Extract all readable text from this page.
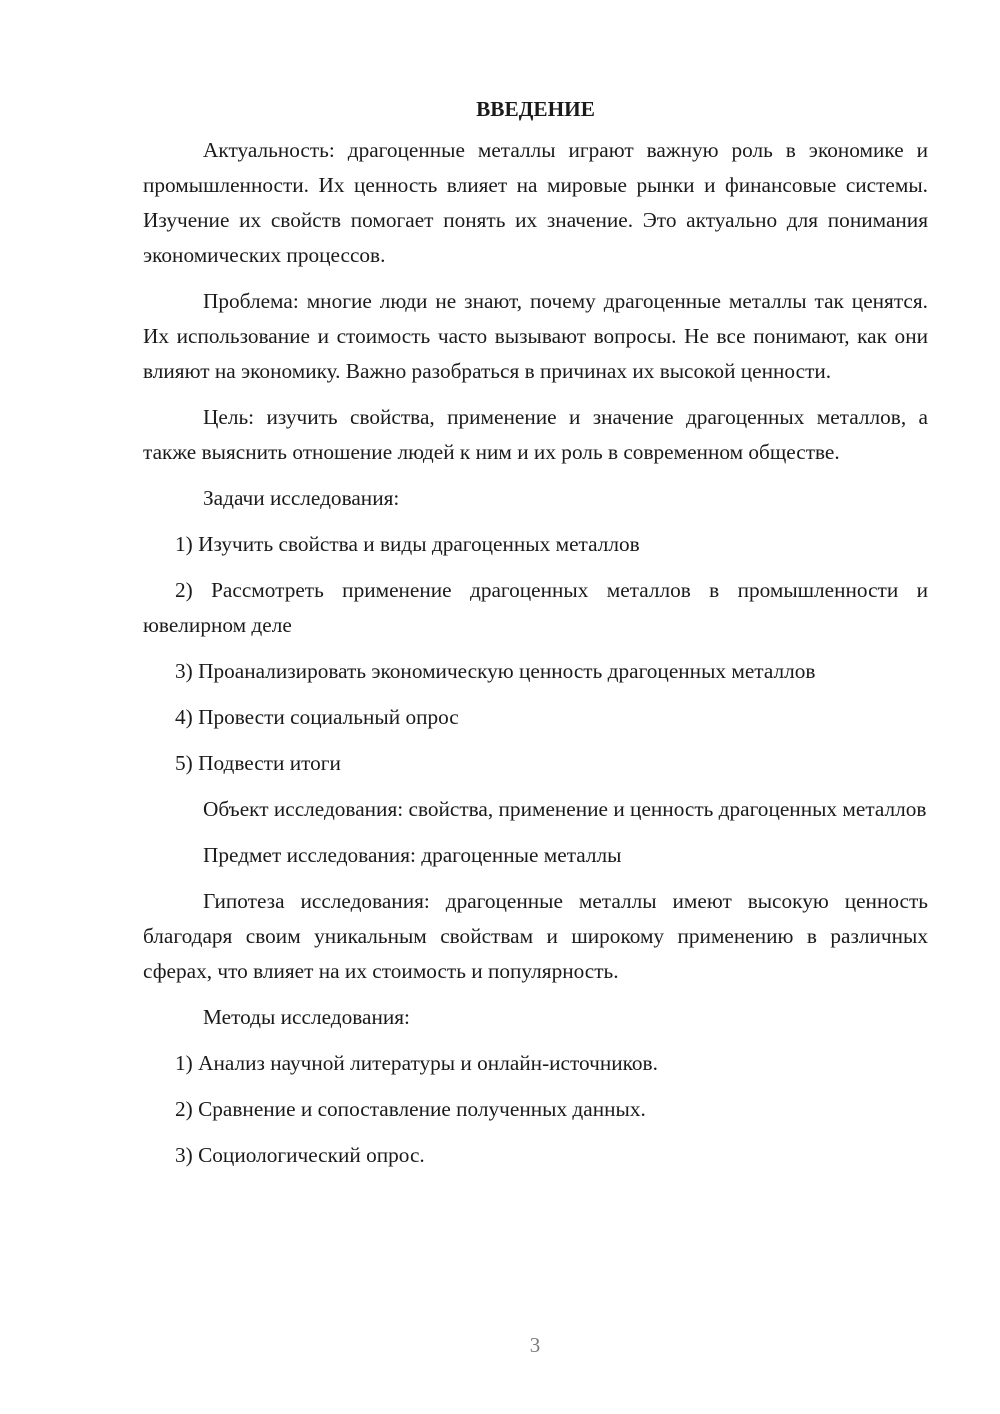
ВВЕДЕНИЕ

Актуальность: драгоценные металлы играют важную роль в экономике и промышленности. Их ценность влияет на мировые рынки и финансовые системы. Изучение их свойств помогает понять их значение. Это актуально для понимания экономических процессов.

Проблема: многие люди не знают, почему драгоценные металлы так ценятся. Их использование и стоимость часто вызывают вопросы. Не все понимают, как они влияют на экономику. Важно разобраться в причинах их высокой ценности.

Цель: изучить свойства, применение и значение драгоценных металлов, а также выяснить отношение людей к ним и их роль в современном обществе.

Задачи исследования:

1) Изучить свойства и виды драгоценных металлов

2) Рассмотреть применение драгоценных металлов в промышленности и ювелирном деле

3) Проанализировать экономическую ценность драгоценных металлов

4) Провести социальный опрос

5) Подвести итоги

Объект исследования: свойства, применение и ценность драгоценных металлов

Предмет исследования: драгоценные металлы

Гипотеза исследования: драгоценные металлы имеют высокую ценность благодаря своим уникальным свойствам и широкому применению в различных сферах, что влияет на их стоимость и популярность.

Методы исследования:

1) Анализ научной литературы и онлайн-источников.

2) Сравнение и сопоставление полученных данных.

3) Социологический опрос.

3
